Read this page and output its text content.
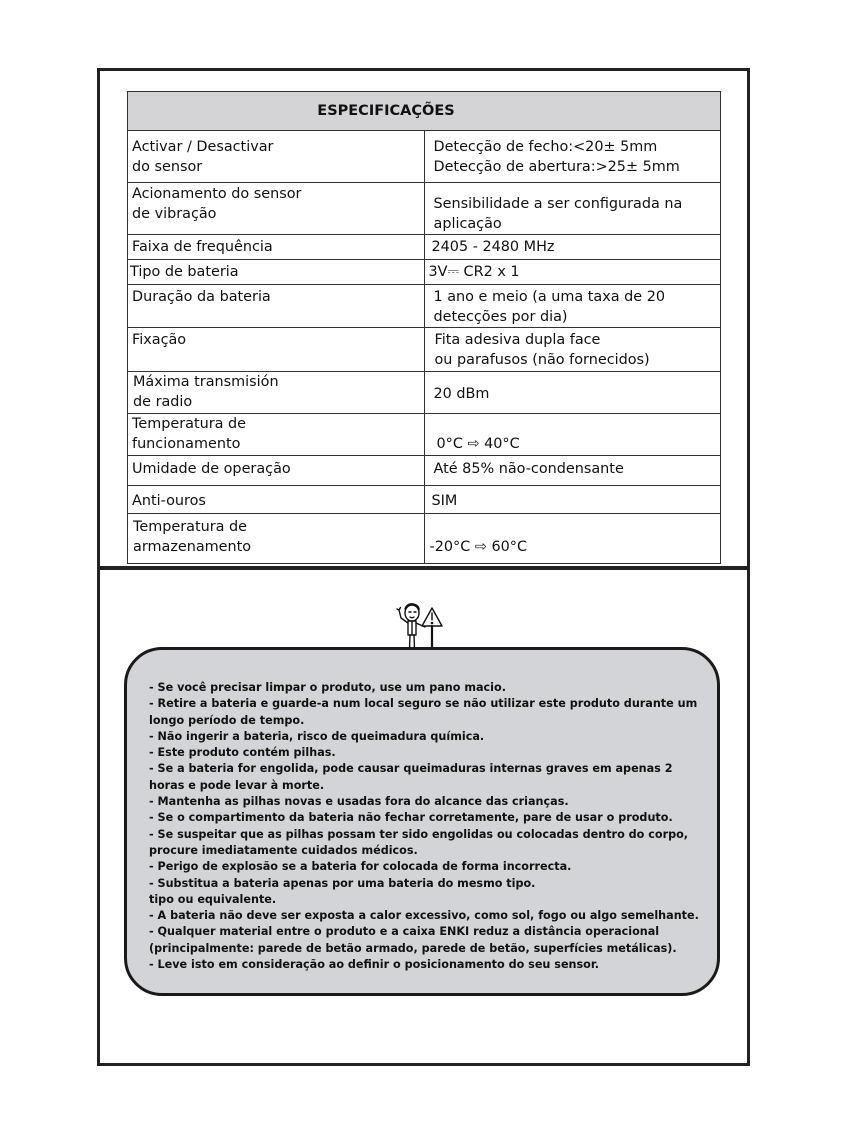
ESPECIFICAÇÕES	

Activar / Desactivar
do sensor	Detecção de fecho:<20± 5mm
Detecção de abertura:>25± 5mm

Acionamento do sensor
de vibração	Sensibilidade a ser configurada na aplicação

Faixa de frequência	2405 - 2480 MHz

Tipo de bateria	3V⎓ CR2 x 1

Duração da bateria	1 ano e meio (a uma taxa de 20 detecções por dia)

Fixação	Fita adesiva dupla face
ou parafusos (não fornecidos)

Máxima transmisión
de radio	20 dBm

Temperatura de
funcionamento	0°C ⇨ 40°C

Umidade de operação	Até 85% não-condensante

Anti-ouros	SIM

Temperatura de
armazenamento	-20°C ⇨ 60°C
- Se você precisar limpar o produto, use um pano macio.
- Retire a bateria e guarde-a num local seguro se não utilizar este produto durante um longo período de tempo.
- Não ingerir a bateria, risco de queimadura química.
- Este produto contém pilhas.
- Se a bateria for engolida, pode causar queimaduras internas graves em apenas 2 horas e pode levar à morte.
- Mantenha as pilhas novas e usadas fora do alcance das crianças.
- Se o compartimento da bateria não fechar corretamente, pare de usar o produto.
- Se suspeitar que as pilhas possam ter sido engolidas ou colocadas dentro do corpo, procure imediatamente cuidados médicos.
- Perigo de explosão se a bateria for colocada de forma incorrecta.
- Substitua a bateria apenas por uma bateria do mesmo tipo.
tipo ou equivalente.
- A bateria não deve ser exposta a calor excessivo, como sol, fogo ou algo semelhante.
- Qualquer material entre o produto e a caixa ENKI reduz a distância operacional (principalmente: parede de betão armado, parede de betão, superfícies metálicas).
- Leve isto em consideração ao definir o posicionamento do seu sensor.
